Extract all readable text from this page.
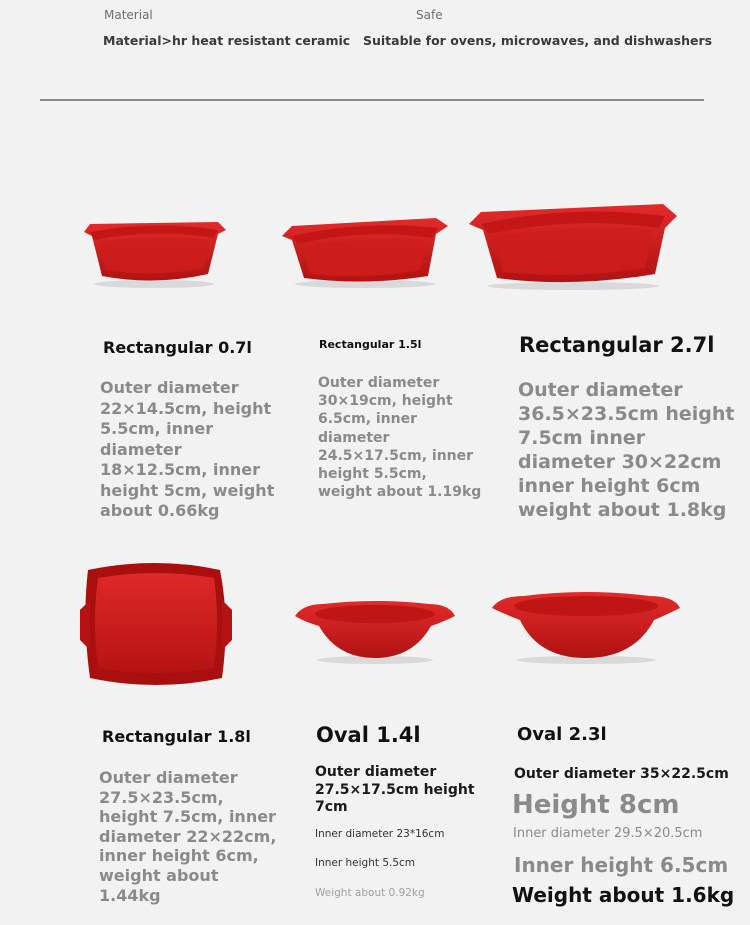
Material
Material>hr heat resistant ceramic
Safe
Suitable for ovens, microwaves, and dishwashers
Rectangular 0.7l
Outer diameter 22×14.5cm, height 5.5cm, inner diameter 18×12.5cm, inner height 5cm, weight about 0.66kg
Rectangular 1.5l
Outer diameter 30×19cm, height 6.5cm, inner diameter 24.5×17.5cm, inner height 5.5cm, weight about 1.19kg
Rectangular 2.7l
Outer diameter 36.5×23.5cm height 7.5cm inner diameter 30×22cm inner height 6cm weight about 1.8kg
Rectangular 1.8l
Outer diameter 27.5×23.5cm, height 7.5cm, inner diameter 22×22cm, inner height 6cm, weight about 1.44kg
Oval 1.4l
Outer diameter 27.5×17.5cm height 7cm
Inner diameter 23*16cm
Inner height 5.5cm
Weight about 0.92kg
Oval 2.3l
Outer diameter 35×22.5cm
Height 8cm
Inner diameter 29.5×20.5cm
Inner height 6.5cm
Weight about 1.6kg
